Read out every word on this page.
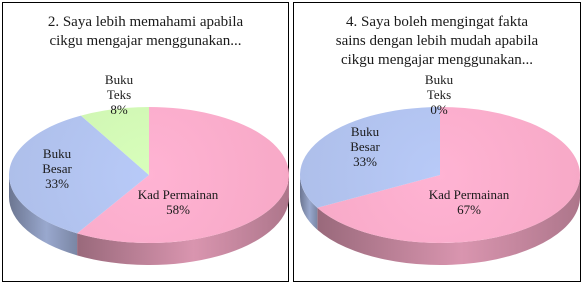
2. Saya lebih memahami apabila
cikgu mengajar menggunakan...
Kad Permainan 58%
Buku Besar 33%
Buku Teks 8%
4. Saya boleh mengingat fakta
sains dengan lebih mudah apabila
cikgu mengajar menggunakan...
Kad Permainan 67%
Buku Besar 33%
Buku Teks 0%
